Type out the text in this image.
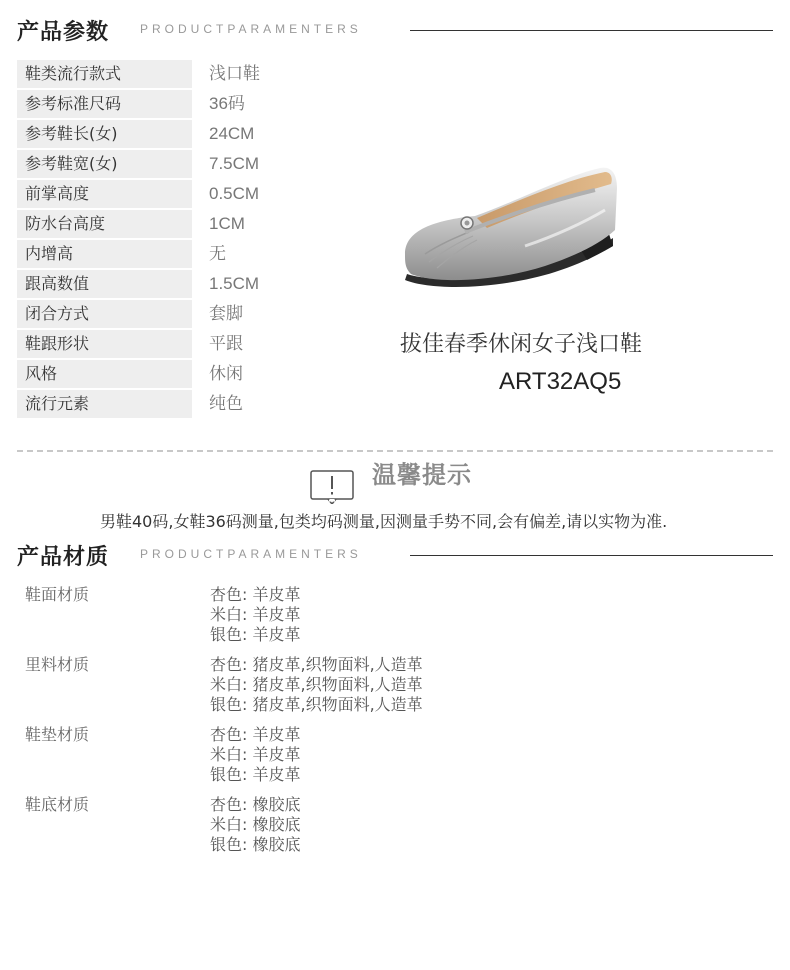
产品参数	PRODUCTPARAMENTERS
鞋类流行款式	浅口鞋
参考标准尺码	36码
参考鞋长(女)	24CM
参考鞋宽(女)	7.5CM
前掌高度	0.5CM
防水台高度	1CM
内增高	无
跟高数值	1.5CM
闭合方式	套脚
鞋跟形状	平跟
风格	休闲
流行元素	纯色
拔佳春季休闲女子浅口鞋
ART32AQ5
温馨提示
男鞋40码,女鞋36码测量,包类均码测量,因测量手势不同,会有偏差,请以实物为准.
产品材质	PRODUCTPARAMENTERS
鞋面材质	杏色: 羊皮革
米白: 羊皮革
银色: 羊皮革
里料材质	杏色: 猪皮革,织物面料,人造革
米白: 猪皮革,织物面料,人造革
银色: 猪皮革,织物面料,人造革
鞋垫材质	杏色: 羊皮革
米白: 羊皮革
银色: 羊皮革
鞋底材质	杏色: 橡胶底
米白: 橡胶底
银色: 橡胶底
